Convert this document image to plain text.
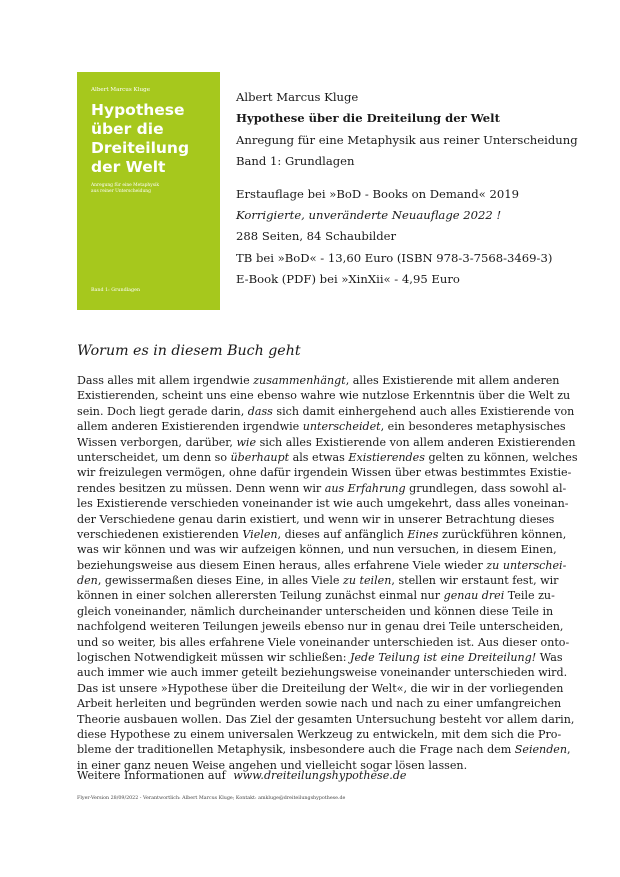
Albert Marcus Kluge
Hypothese
über die
Dreiteilung
der Welt
Anregung für eine Metaphysik
aus reiner Unterscheidung
Band 1: Grundlagen
Albert Marcus Kluge
Hypothese über die Dreiteilung der Welt
Anregung für eine Metaphysik aus reiner Unterscheidung
Band 1: Grundlagen
Erstauflage bei »BoD - Books on Demand« 2019
Korrigierte, unveränderte Neuauflage 2022 !
288 Seiten, 84 Schaubilder
TB bei »BoD« - 13,60 Euro (ISBN 978-3-7568-3469-3)
E-Book (PDF) bei »XinXii« - 4,95 Euro
Worum es in diesem Buch geht
Dass alles mit allem irgendwie zusammenhängt, alles Existierende mit allem anderen
Existierenden, scheint uns eine ebenso wahre wie nutzlose Erkenntnis über die Welt zu
sein. Doch liegt gerade darin, dass sich damit einhergehend auch alles Existierende von
allem anderen Existierenden irgendwie unterscheidet, ein besonderes metaphysisches
Wissen verborgen, darüber, wie sich alles Existierende von allem anderen Existierenden
unterscheidet, um denn so überhaupt als etwas Existierendes gelten zu können, welches
wir freizulegen vermögen, ohne dafür irgendein Wissen über etwas bestimmtes Existie-
rendes besitzen zu müssen. Denn wenn wir aus Erfahrung grundlegen, dass sowohl al-
les Existierende verschieden voneinander ist wie auch umgekehrt, dass alles voneinan-
der Verschiedene genau darin existiert, und wenn wir in unserer Betrachtung dieses
verschiedenen existierenden Vielen, dieses auf anfänglich Eines zurückführen können,
was wir können und was wir aufzeigen können, und nun versuchen, in diesem Einen,
beziehungsweise aus diesem Einen heraus, alles erfahrene Viele wieder zu unterschei-
den, gewissermaßen dieses Eine, in alles Viele zu teilen, stellen wir erstaunt fest, wir
können in einer solchen allerersten Teilung zunächst einmal nur genau drei Teile zu-
gleich voneinander, nämlich durcheinander unterscheiden und können diese Teile in
nachfolgend weiteren Teilungen jeweils ebenso nur in genau drei Teile unterscheiden,
und so weiter, bis alles erfahrene Viele voneinander unterschieden ist. Aus dieser onto-
logischen Notwendigkeit müssen wir schließen: Jede Teilung ist eine Dreiteilung! Was
auch immer wie auch immer geteilt beziehungsweise voneinander unterschieden wird.
Das ist unsere »Hypothese über die Dreiteilung der Welt«, die wir in der vorliegenden
Arbeit herleiten und begründen werden sowie nach und nach zu einer umfangreichen
Theorie ausbauen wollen. Das Ziel der gesamten Untersuchung besteht vor allem darin,
diese Hypothese zu einem universalen Werkzeug zu entwickeln, mit dem sich die Pro-
bleme der traditionellen Metaphysik, insbesondere auch die Frage nach dem Seienden,
in einer ganz neuen Weise angehen und vielleicht sogar lösen lassen.
Weitere Informationen auf www.dreiteilungshypothese.de
Flyer-Version 28/09/2022 - Verantwortlich: Albert Marcus Kluge; Kontakt: amkluge@dreiteilungshypothese.de
